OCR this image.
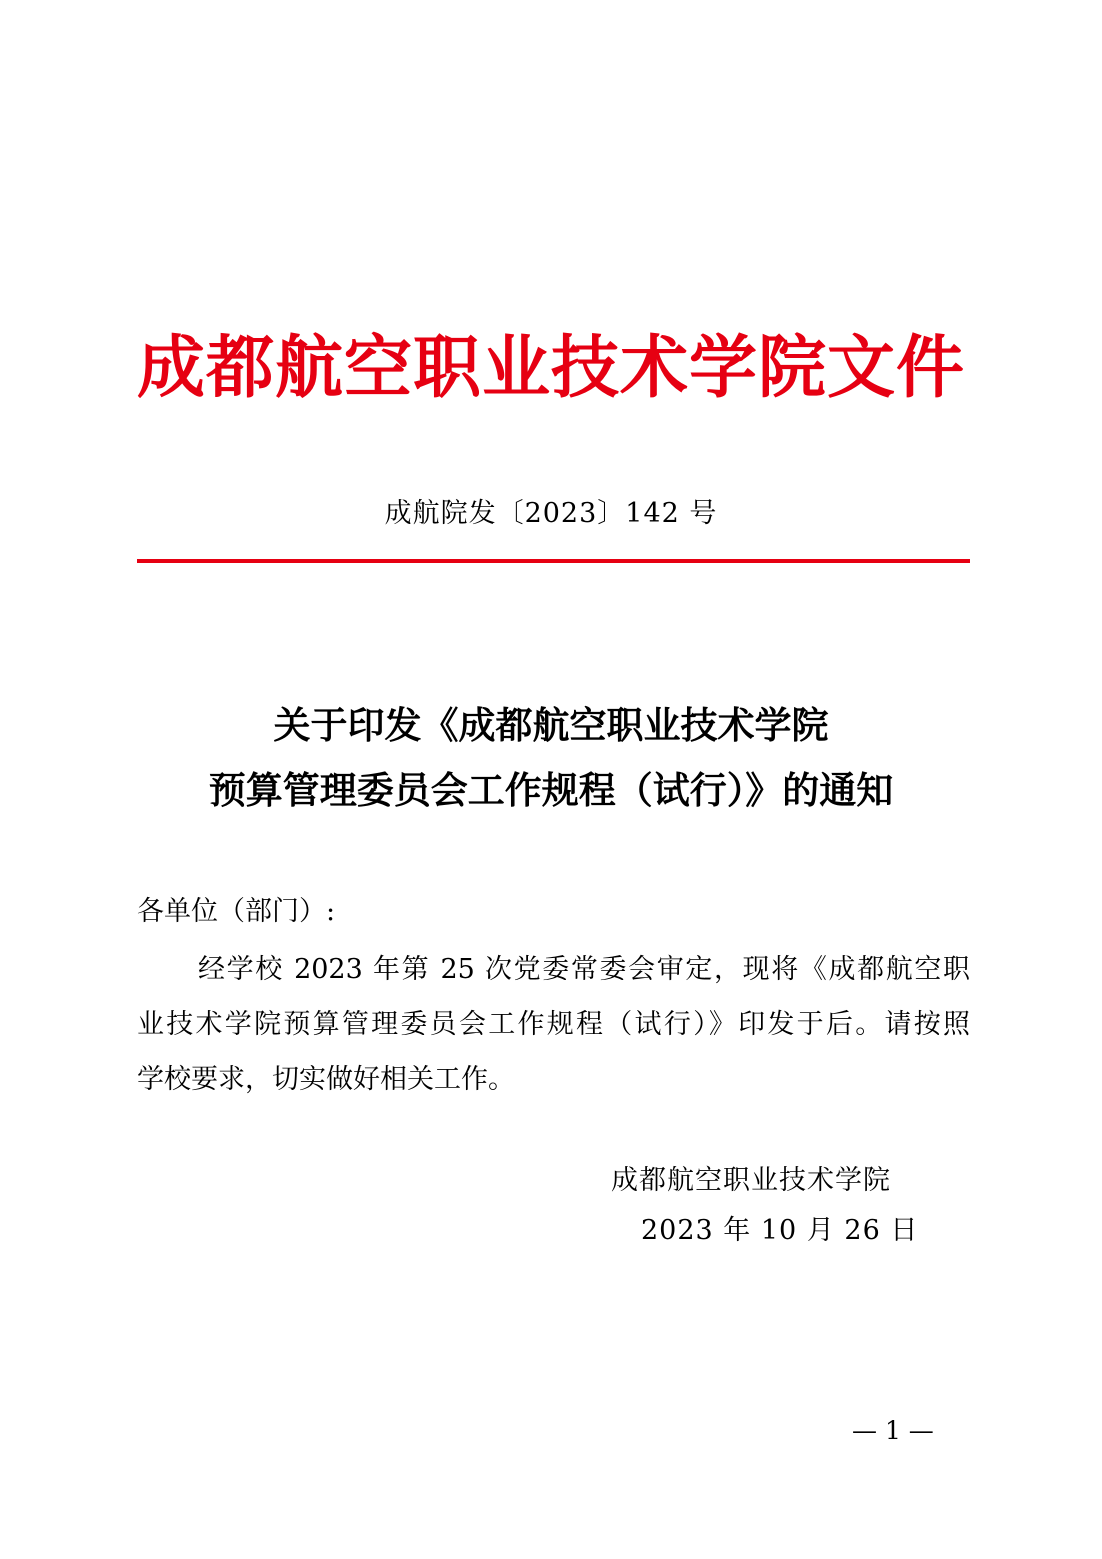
成都航空职业技术学院文件
成航院发〔2023〕142 号
关于印发《成都航空职业技术学院
预算管理委员会工作规程（试行）》的通知
各单位（部门）:
经学校 2023 年第 25 次党委常委会审定，现将《成都航空职
业技术学院预算管理委员会工作规程（试行）》印发于后。请按照
学校要求，切实做好相关工作。
成都航空职业技术学院
2023 年 10 月 26 日
— 1 —
